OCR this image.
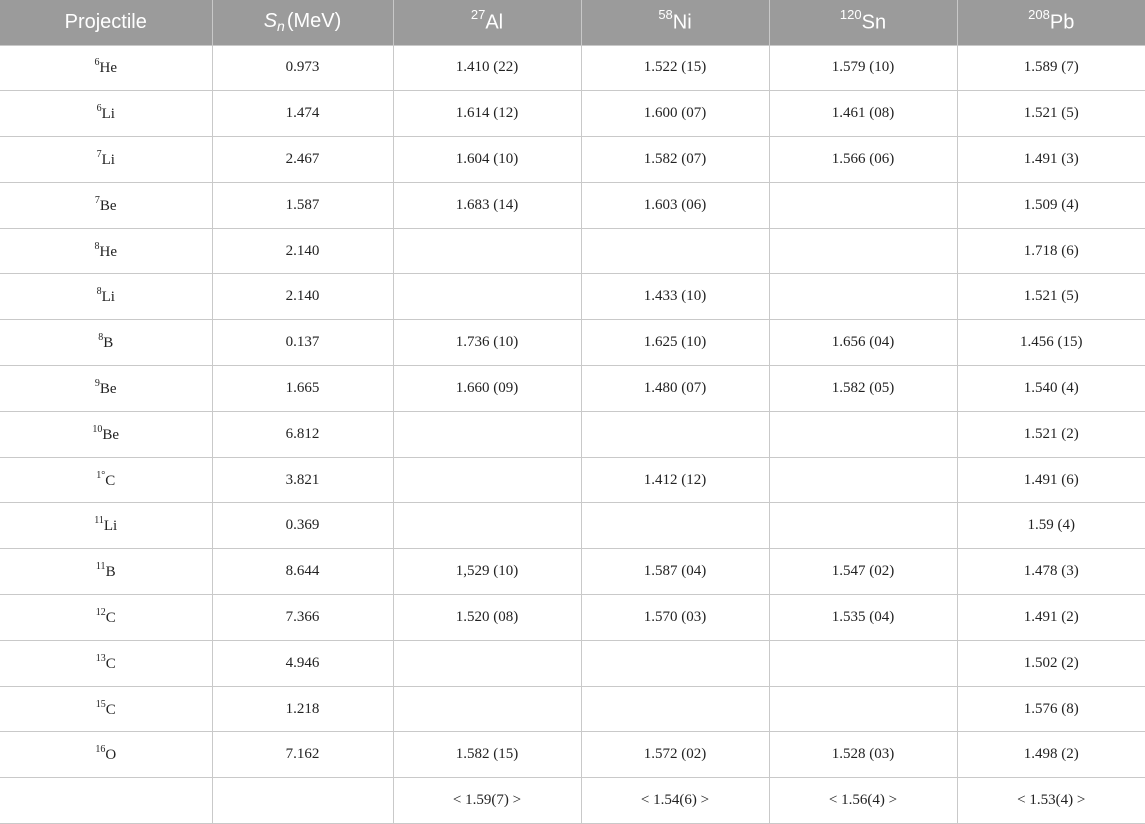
Projectile	$S_n$ (MeV)	$^{27}$Al	$^{58}$Ni	$^{120}$Sn	$^{208}$Pb
$^6$He	0.973	1.410 (22)	1.522 (15)	1.579 (10)	1.589 (7)
$^6$Li	1.474	1.614 (12)	1.600 (07)	1.461 (08)	1.521 (5)
$^7$Li	2.467	1.604 (10)	1.582 (07)	1.566 (06)	1.491 (3)
$^7$Be	1.587	1.683 (14)	1.603 (06)		1.509 (4)
$^8$He	2.140				1.718 (6)
$^8$Li	2.140		1.433 (10)		1.521 (5)
$^8$B	0.137	1.736 (10)	1.625 (10)	1.656 (04)	1.456 (15)
$^9$Be	1.665	1.660 (09)	1.480 (07)	1.582 (05)	1.540 (4)
$^{10}$Be	6.812				1.521 (2)
$^{1^\circ}$C	3.821		1.412 (12)		1.491 (6)
$^{11}$Li	0.369				1.59 (4)
$^{11}$B	8.644	1,529 (10)	1.587 (04)	1.547 (02)	1.478 (3)
$^{12}$C	7.366	1.520 (08)	1.570 (03)	1.535 (04)	1.491 (2)
$^{13}$C	4.946				1.502 (2)
$^{15}$C	1.218				1.576 (8)
$^{16}$O	7.162	1.582 (15)	1.572 (02)	1.528 (03)	1.498 (2)
		< 1.59(7) >	< 1.54(6) >	< 1.56(4) >	< 1.53(4) >
